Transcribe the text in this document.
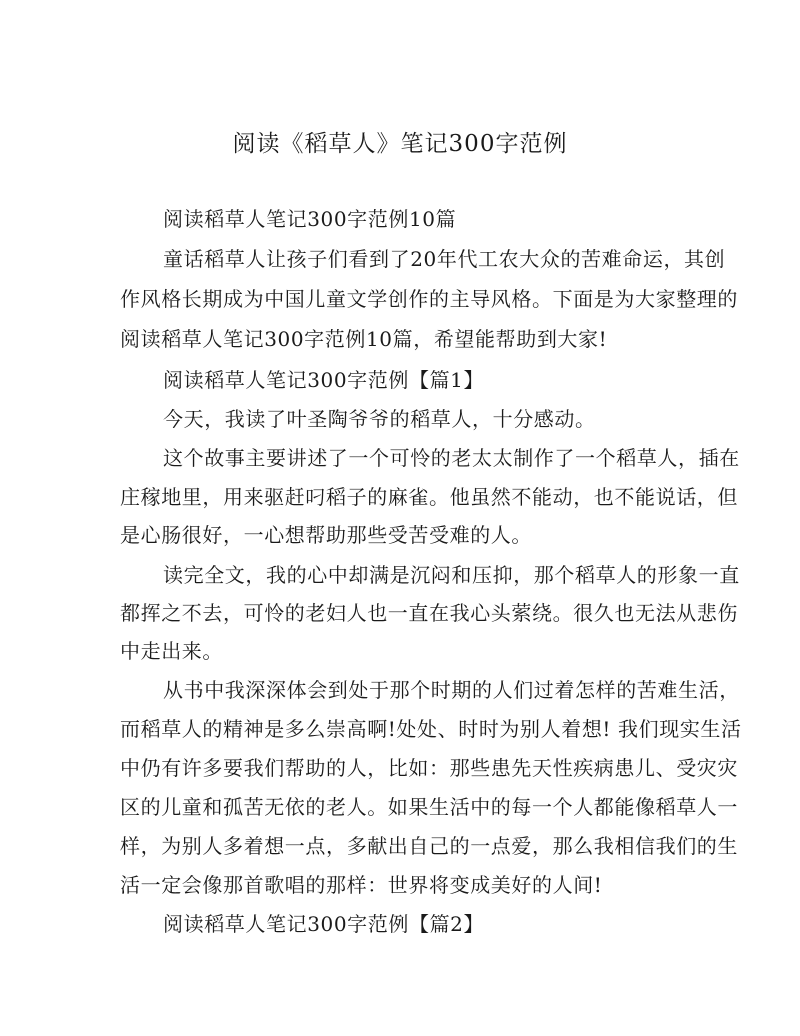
阅读《稻草人》笔记300字范例
阅读稻草人笔记300字范例10篇
童话稻草人让孩子们看到了20年代工农大众的苦难命运，其创
作风格长期成为中国儿童文学创作的主导风格。下面是为大家整理的
阅读稻草人笔记300字范例10篇，希望能帮助到大家!
阅读稻草人笔记300字范例【篇1】
今天，我读了叶圣陶爷爷的稻草人，十分感动。
这个故事主要讲述了一个可怜的老太太制作了一个稻草人，插在
庄稼地里，用来驱赶叼稻子的麻雀。他虽然不能动，也不能说话，但
是心肠很好，一心想帮助那些受苦受难的人。
读完全文，我的心中却满是沉闷和压抑，那个稻草人的形象一直
都挥之不去，可怜的老妇人也一直在我心头萦绕。很久也无法从悲伤
中走出来。
从书中我深深体会到处于那个时期的人们过着怎样的苦难生活，
而稻草人的精神是多么崇高啊!处处、时时为别人着想! 我们现实生活
中仍有许多要我们帮助的人，比如：那些患先天性疾病患儿、受灾灾
区的儿童和孤苦无依的老人。如果生活中的每一个人都能像稻草人一
样，为别人多着想一点，多献出自己的一点爱，那么我相信我们的生
活一定会像那首歌唱的那样：世界将变成美好的人间!
阅读稻草人笔记300字范例【篇2】
